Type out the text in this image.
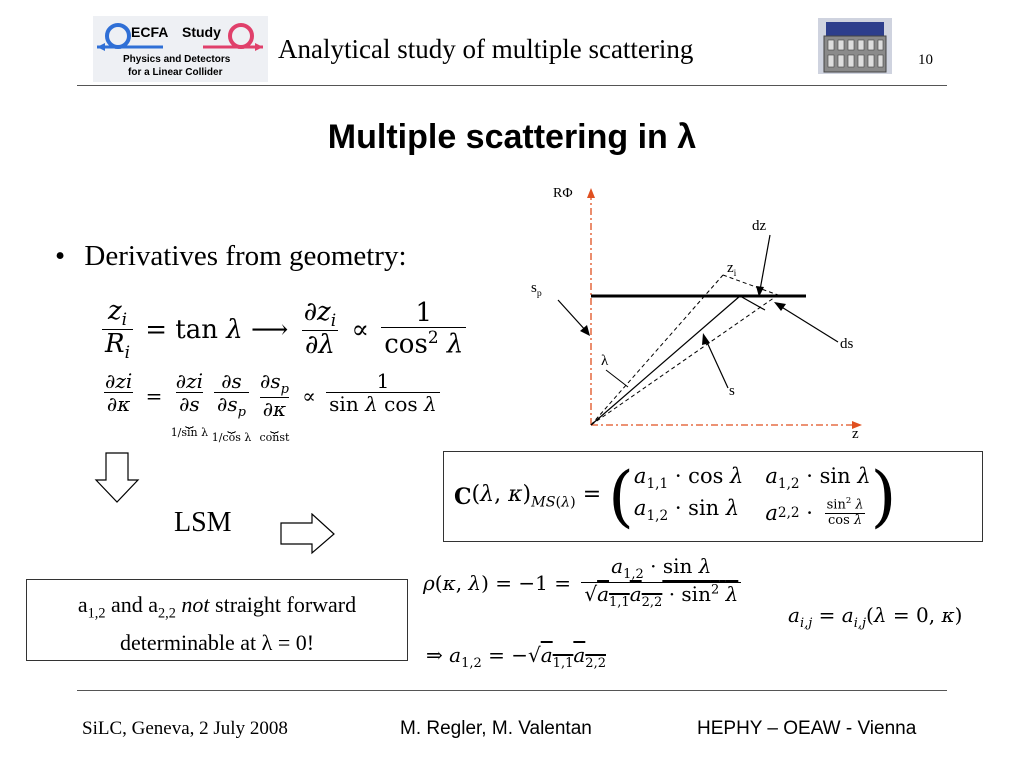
ECFA Study
Physics and Detectors
for a Linear Collider
Analytical study of multiple scattering	10
Multiple scattering in λ
• Derivatives from geometry:
$\frac{z_i}{R_i} = \tan \lambda$ ⟶ $\frac{\partial z_i}{\partial\lambda} \propto \frac{1}{\cos^2 \lambda}$
$\frac{\partial zi}{\partial\kappa} = \frac{\partial zi}{\partial s}$
⏟
1/sin λ
$\frac{\partial s}{\partial s_p}$
⏟
1/cos λ
$\frac{\partial s_p}{\partial\kappa}$
⏟
const
∝ $\frac{1}{\text{sin λ cos λ}}$
LSM
C (λ, $\kappa)_{MS(\lambda)}$ = ( $a_{1,1} \cdot \cos \lambda$ $a_{1,2} \cdot \sin \lambda$
$a_{1,2} \cdot \sin \lambda$ a $2,2 \cdot \frac{\sin^2 \lambda}{\text{cos λ}}$ )
ρ ( κ , λ ) = $-1 = \frac{a_{1,2} \cdot \sin \lambda}{√a_{1,1}a_{2,2} \cdot \sin^2 \lambda}$
$a_{i,j} = a_{i,j}(\lambda = 0$, κ)
⇒ $a_{1,2} = -√a_{1,1}a_{2,2}$
$a_{1,2}$ and $a_{2,2}$ not straight forward
determinable at λ = 0!
RΦ
z
dz
$z_i$
$s_p$
λ
ds
s
SiLC, Geneva, 2 July 2008	M. Regler, M. Valentan	HEPHY – OEAW - Vienna
